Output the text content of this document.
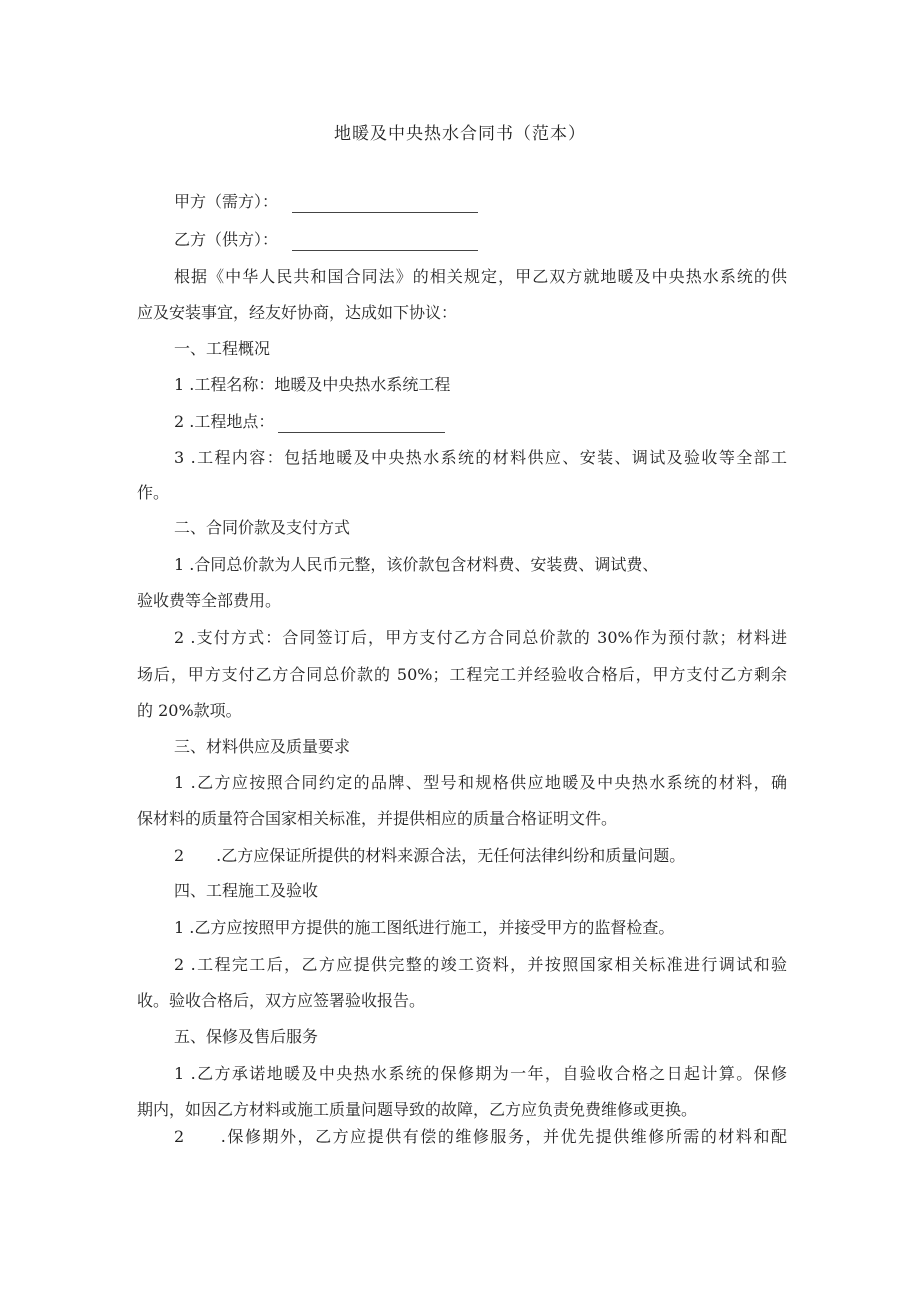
地暖及中央热水合同书（范本）
甲方（需方）：
乙方（供方）：
根据《中华人民共和国合同法》的相关规定，甲乙双方就地暖及中央热水系统的供
应及安装事宜，经友好协商，达成如下协议：
一、工程概况
1 .工程名称：地暖及中央热水系统工程
2 .工程地点：
3 .工程内容：包括地暖及中央热水系统的材料供应、安装、调试及验收等全部工
作。
二、合同价款及支付方式
1 .合同总价款为人民币元整，该价款包含材料费、安装费、调试费、
验收费等全部费用。
2 .支付方式：合同签订后，甲方支付乙方合同总价款的 30%作为预付款；材料进
场后，甲方支付乙方合同总价款的 50%；工程完工并经验收合格后，甲方支付乙方剩余
的 20%款项。
三、材料供应及质量要求
1 .乙方应按照合同约定的品牌、型号和规格供应地暖及中央热水系统的材料，确
保材料的质量符合国家相关标准，并提供相应的质量合格证明文件。
2　　.乙方应保证所提供的材料来源合法，无任何法律纠纷和质量问题。
四、工程施工及验收
1 .乙方应按照甲方提供的施工图纸进行施工，并接受甲方的监督检查。
2 .工程完工后，乙方应提供完整的竣工资料，并按照国家相关标准进行调试和验
收。验收合格后，双方应签署验收报告。
五、保修及售后服务
1 .乙方承诺地暖及中央热水系统的保修期为一年，自验收合格之日起计算。保修
期内，如因乙方材料或施工质量问题导致的故障，乙方应负责免费维修或更换。
2　　.保修期外，乙方应提供有偿的维修服务，并优先提供维修所需的材料和配
